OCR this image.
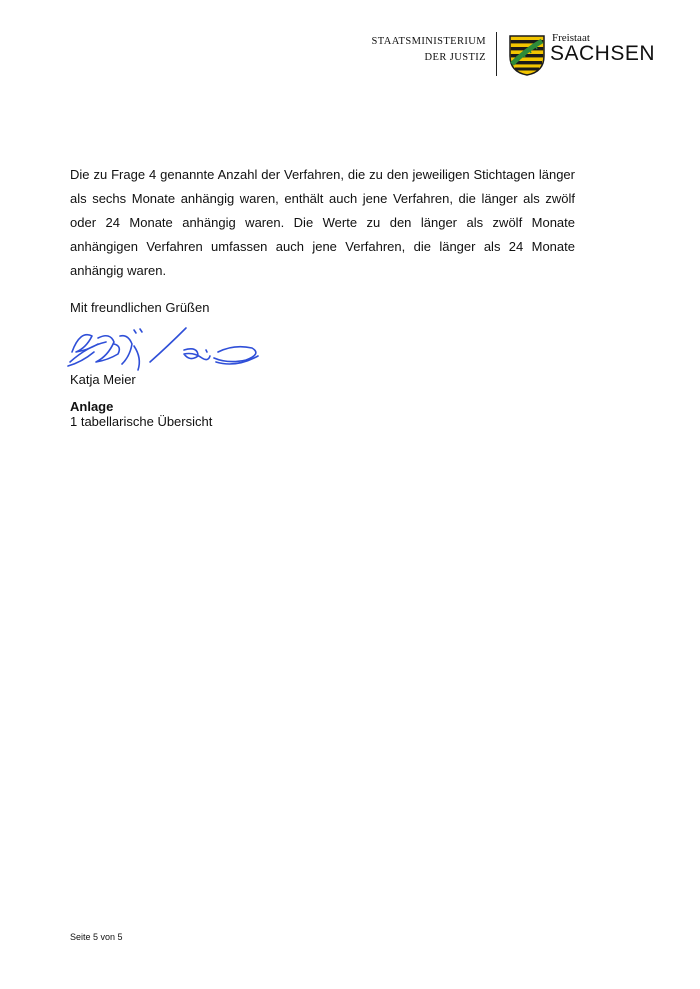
STAATSMINISTERIUM
DER JUSTIZ
Freistaat
SACHSEN

Die zu Frage 4 genannte Anzahl der Verfahren, die zu den jeweiligen Stichtagen länger als sechs Monate anhängig waren, enthält auch jene Verfahren, die länger als zwölf oder 24 Monate anhängig waren. Die Werte zu den länger als zwölf Monate anhängigen Verfahren umfassen auch jene Verfahren, die länger als 24 Monate anhängig waren.

Mit freundlichen Grüßen
Katja Meier
Anlage
1 tabellarische Übersicht
Seite 5 von 5
